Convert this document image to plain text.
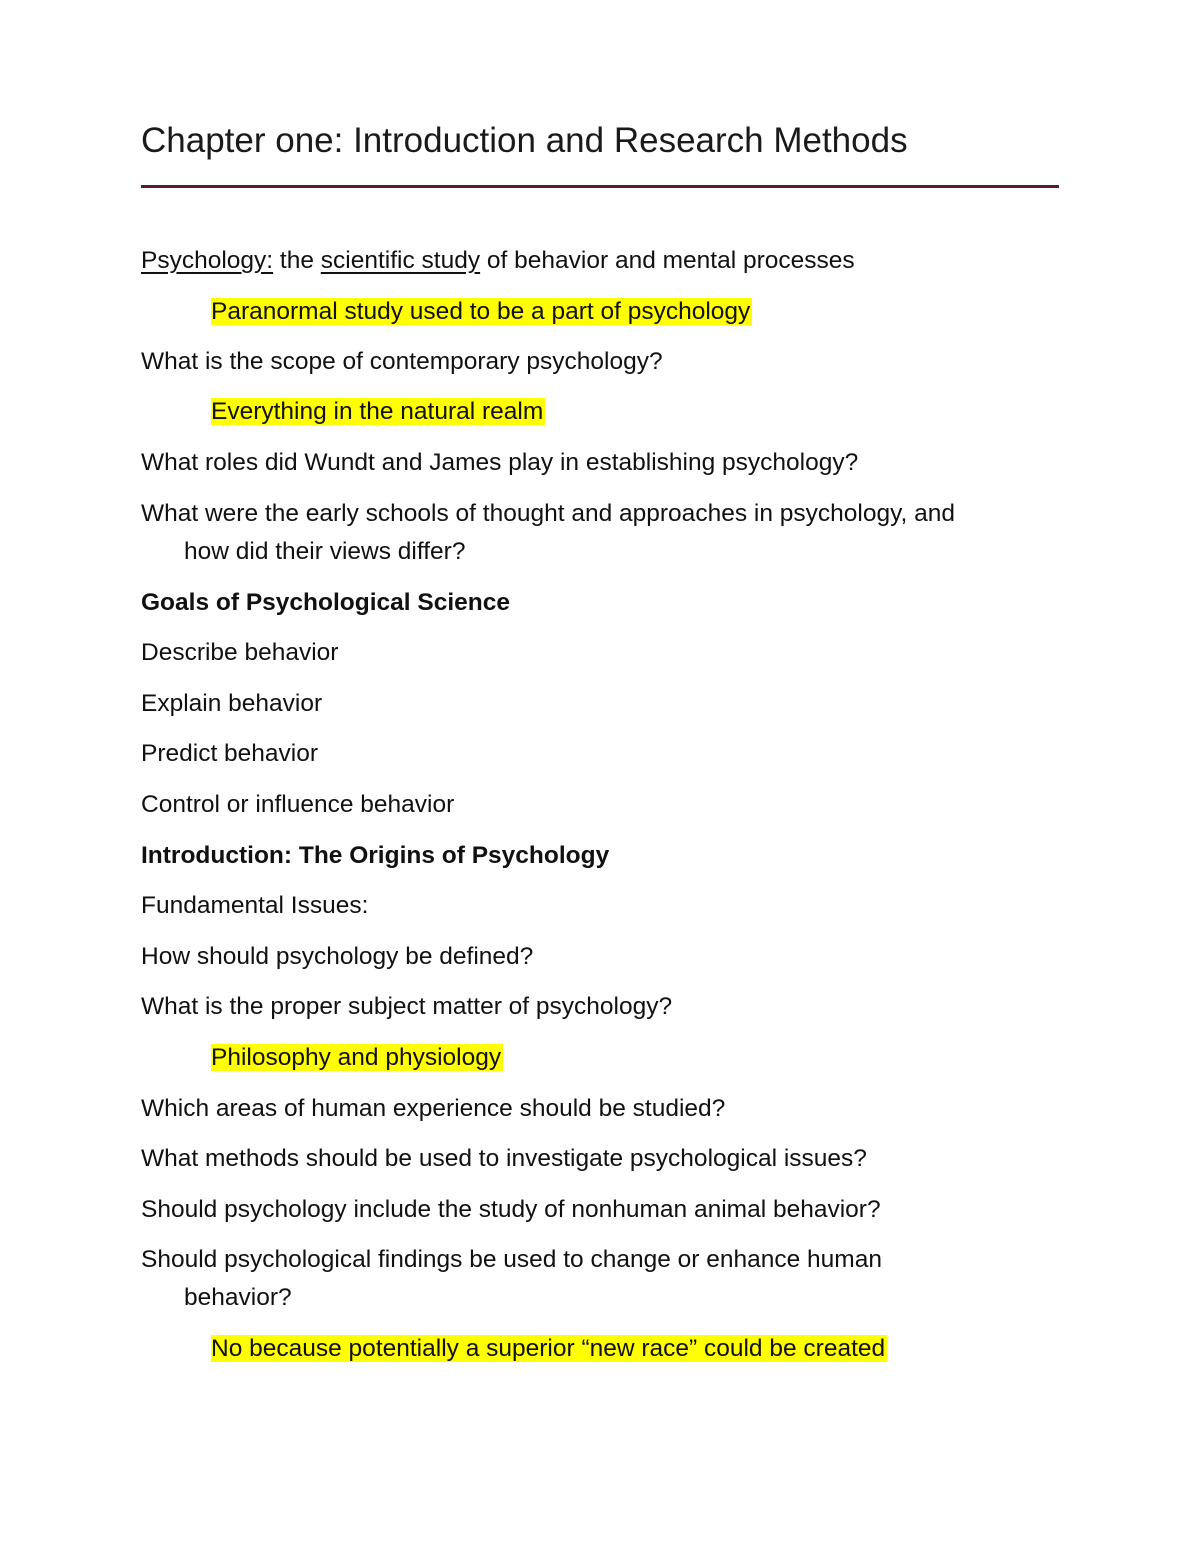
Chapter one: Introduction and Research Methods
Psychology: the scientific study of behavior and mental processes
Paranormal study used to be a part of psychology
What is the scope of contemporary psychology?
Everything in the natural realm
What roles did Wundt and James play in establishing psychology?
What were the early schools of thought and approaches in psychology, and
how did their views differ?
Goals of Psychological Science
Describe behavior
Explain behavior
Predict behavior
Control or influence behavior
Introduction: The Origins of Psychology
Fundamental Issues:
How should psychology be defined?
What is the proper subject matter of psychology?
Philosophy and physiology
Which areas of human experience should be studied?
What methods should be used to investigate psychological issues?
Should psychology include the study of nonhuman animal behavior?
Should psychological findings be used to change or enhance human
behavior?
No because potentially a superior “new race” could be created
